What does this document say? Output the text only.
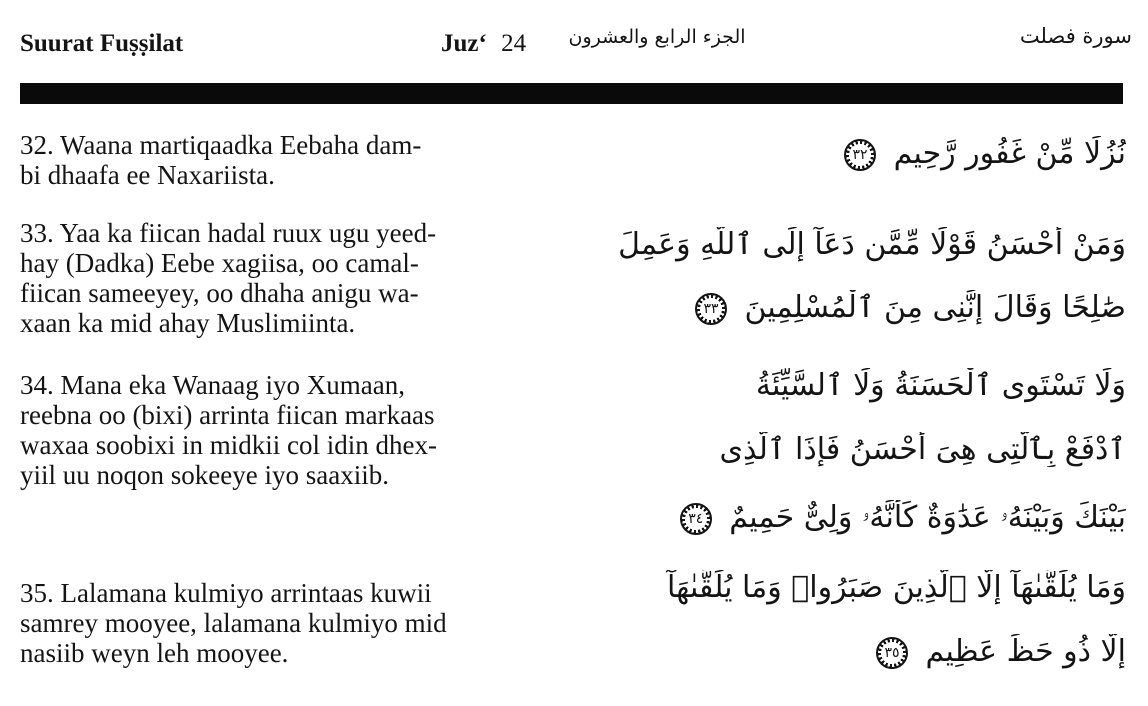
Suurat Fuṣṣilat	Juz‘ 24 الجزء الرابع والعشرون	سورة فصلت

32. Waana martiqaadka Eebaha dam-

bi dhaafa ee Naxariista.

33. Yaa ka fiican hadal ruux ugu yeed-

hay (Dadka) Eebe xagiisa, oo camal-

fiican sameeyey, oo dhaha anigu wa-

xaan ka mid ahay Muslimiinta.

34. Mana eka Wanaag iyo Xumaan,

reebna oo (bixi) arrinta fiican markaas

waxaa soobixi in midkii col idin dhex-

yiil uu noqon sokeeye iyo saaxiib.

35. Lalamana kulmiyo arrintaas kuwii

samrey mooyee, lalamana kulmiyo mid

nasiib weyn leh mooyee.

نُزُلًا مِّنْ غَفُورٍ رَّحِيمٍ ٣٢
وَمَنْ أَحْسَنُ قَوْلًا مِّمَّن دَعَآ إِلَى ٱللَّهِ وَعَمِلَ
صَٰلِحًا وَقَالَ إِنَّنِى مِنَ ٱلْمُسْلِمِينَ ٣٣
وَلَا تَسْتَوِى ٱلْحَسَنَةُ وَلَا ٱلسَّيِّئَةُ
ٱدْفَعْ بِٱلَّتِى هِىَ أَحْسَنُ فَإِذَا ٱلَّذِى
بَيْنَكَ وَبَيْنَهُۥ عَدَٰوَةٌ كَأَنَّهُۥ وَلِىٌّ حَمِيمٌ ٣٤
وَمَا يُلَقَّىٰهَآ إِلَّا ٱلَّذِينَ صَبَرُوا۟ وَمَا يُلَقَّىٰهَآ
إِلَّا ذُو حَظٍّ عَظِيمٍ ٣٥
